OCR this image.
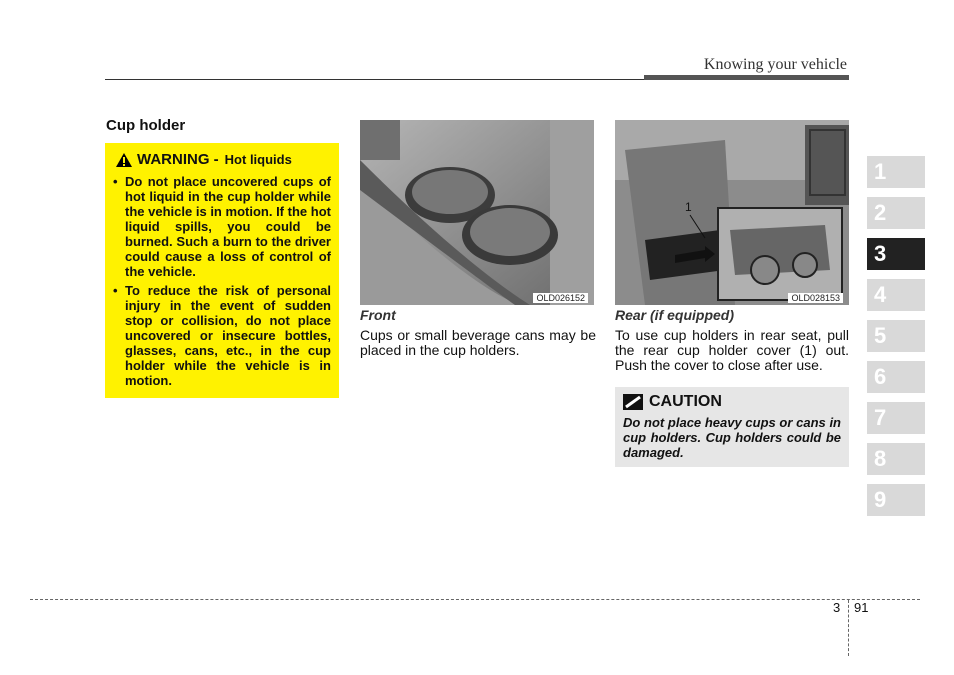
Knowing your vehicle
Cup holder
WARNING - Hot liquids
• Do not place uncovered cups of hot liquid in the cup holder while the vehicle is in motion. If the hot liquid spills, you could be burned. Such a burn to the driver could cause a loss of control of the vehicle.
• To reduce the risk of personal injury in the event of sudden stop or collision, do not place uncovered or insecure bottles, glasses, cans, etc., in the cup holder while the vehicle is in motion.
OLD026152
1
OLD028153
Front
Cups or small beverage cans may be placed in the cup holders.
Rear (if equipped)
To use cup holders in rear seat, pull the rear cup holder cover (1) out. Push the cover to close after use.
CAUTION
Do not place heavy cups or cans in cup holders. Cup holders could be damaged.
1
2
3
4
5
6
7
8
9
3 91
